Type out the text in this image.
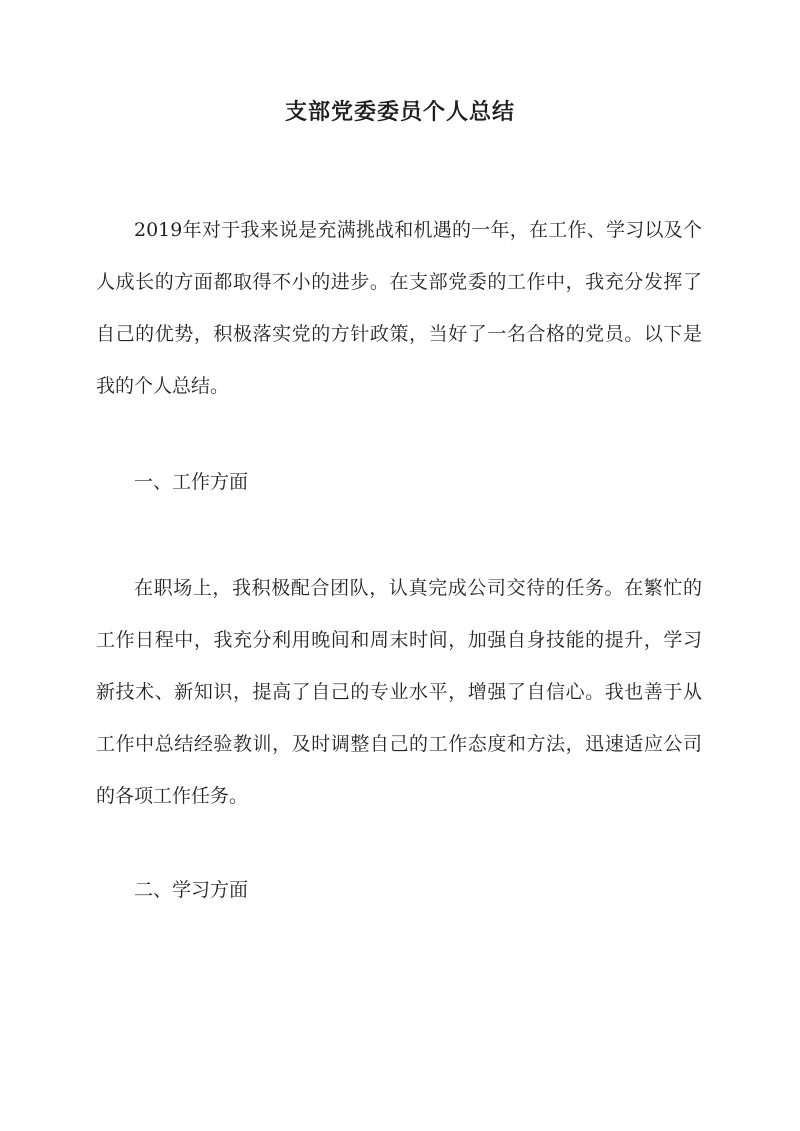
支部党委委员个人总结

2019年对于我来说是充满挑战和机遇的一年，在工作、学习以及个人成长的方面都取得不小的进步。在支部党委的工作中，我充分发挥了自己的优势，积极落实党的方针政策，当好了一名合格的党员。以下是我的个人总结。

一、工作方面

在职场上，我积极配合团队，认真完成公司交待的任务。在繁忙的工作日程中，我充分利用晚间和周末时间，加强自身技能的提升，学习新技术、新知识，提高了自己的专业水平，增强了自信心。我也善于从工作中总结经验教训，及时调整自己的工作态度和方法，迅速适应公司的各项工作任务。

二、学习方面
